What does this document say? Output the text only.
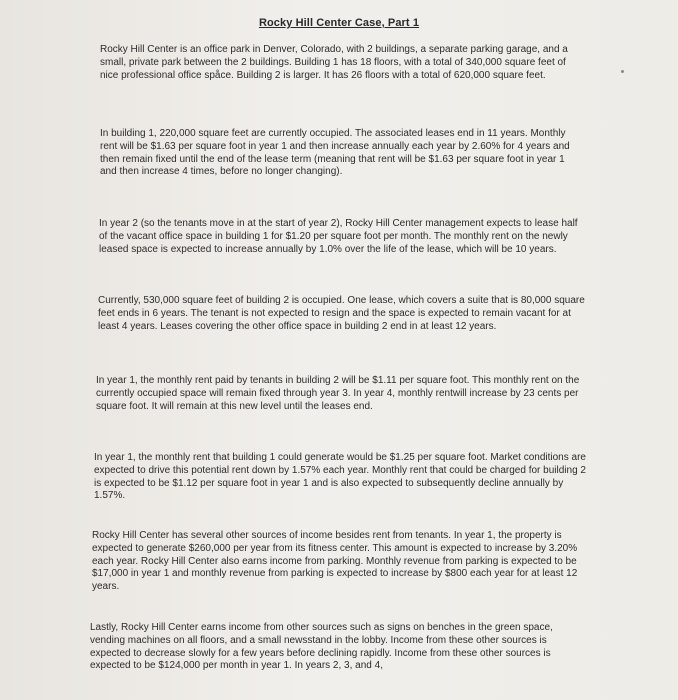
Rocky Hill Center Case, Part 1

Rocky Hill Center is an office park in Denver, Colorado, with 2 buildings, a separate parking garage, and a small, private park between the 2 buildings. Building 1 has 18 floors, with a total of 340,000 square feet of nice professional office spåce. Building 2 is larger. It has 26 floors with a total of 620,000 square feet.

In building 1, 220,000 square feet are currently occupied. The associated leases end in 11 years. Monthly rent will be $1.63 per square foot in year 1 and then increase annually each year by 2.60% for 4 years and then remain fixed until the end of the lease term (meaning that rent will be $1.63 per square foot in year 1 and then increase 4 times, before no longer changing).

In year 2 (so the tenants move in at the start of year 2), Rocky Hill Center management expects to lease half of the vacant office space in building 1 for $1.20 per square foot per month. The monthly rent on the newly leased space is expected to increase annually by 1.0% over the life of the lease, which will be 10 years.

Currently, 530,000 square feet of building 2 is occupied. One lease, which covers a suite that is 80,000 square feet ends in 6 years. The tenant is not expected to resign and the space is expected to remain vacant for at least 4 years. Leases covering the other office space in building 2 end in at least 12 years.

In year 1, the monthly rent paid by tenants in building 2 will be $1.11 per square foot. This monthly rent on the currently occupied space will remain fixed through year 3. In year 4, monthly rentwill increase by 23 cents per square foot. It will remain at this new level until the leases end.

In year 1, the monthly rent that building 1 could generate would be $1.25 per square foot. Market conditions are expected to drive this potential rent down by 1.57% each year. Monthly rent that could be charged for building 2 is expected to be $1.12 per square foot in year 1 and is also expected to subsequently decline annually by 1.57%.

Rocky Hill Center has several other sources of income besides rent from tenants. In year 1, the property is expected to generate $260,000 per year from its fitness center. This amount is expected to increase by 3.20% each year. Rocky Hill Center also earns income from parking. Monthly revenue from parking is expected to be $17,000 in year 1 and monthly revenue from parking is expected to increase by $800 each year for at least 12 years.

Lastly, Rocky Hill Center earns income from other sources such as signs on benches in the green space, vending machines on all floors, and a small newsstand in the lobby. Income from these other sources is expected to decrease slowly for a few years before declining rapidly. Income from these other sources is expected to be $124,000 per month in year 1. In years 2, 3, and 4,
